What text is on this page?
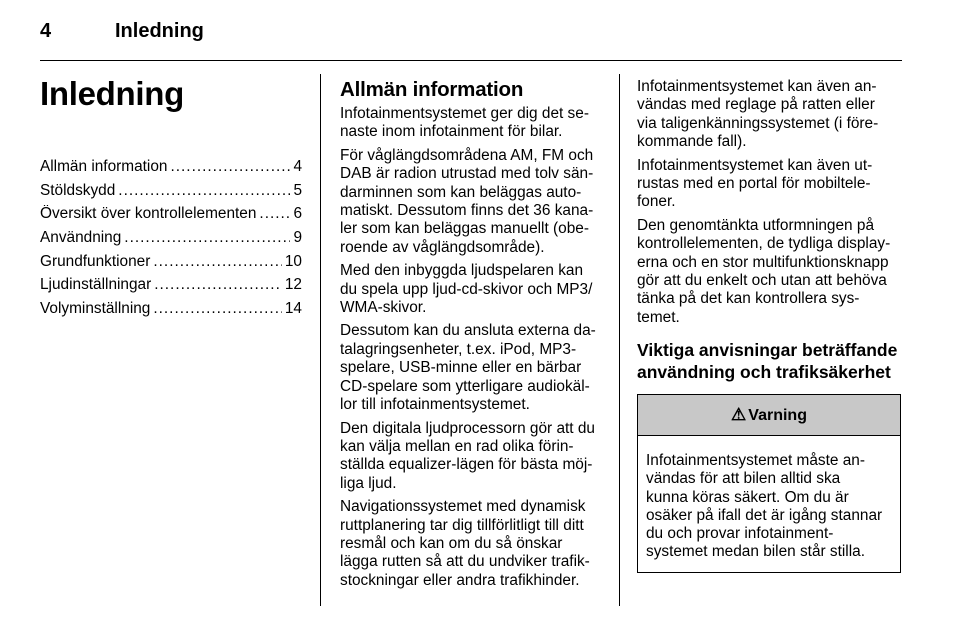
4	Inledning
Inledning
Allmän information .....	4
Stöldskydd .....	5
Översikt över kontrollelementen ..... 6
Användning .....	9
Grundfunktioner .....	10
Ljudinställningar .....	12
Volyminställning .....	14
Allmän information

Infotainmentsystemet ger dig det se-
naste inom infotainment för bilar.

För våglängdsområdena AM, FM och
DAB är radion utrustad med tolv sän-
darminnen som kan beläggas auto-
matiskt. Dessutom finns det 36 kana-
ler som kan beläggas manuellt (obe-
roende av våglängdsområde).

Med den inbyggda ljudspelaren kan
du spela upp ljud-cd-skivor och MP3/
WMA-skivor.

Dessutom kan du ansluta externa da-
talagringsenheter, t.ex. iPod, MP3-
spelare, USB-minne eller en bärbar
CD-spelare som ytterligare audiokäl-
lor till infotainmentsystemet.

Den digitala ljudprocessorn gör att du
kan välja mellan en rad olika förin-
ställda equalizer-lägen för bästa möj-
liga ljud.

Navigationssystemet med dynamisk
ruttplanering tar dig tillförlitligt till ditt
resmål och kan om du så önskar
lägga rutten så att du undviker trafik-
stockningar eller andra trafikhinder.

Infotainmentsystemet kan även an-
vändas med reglage på ratten eller
via taligenkänningssystemet (i före-
kommande fall).

Infotainmentsystemet kan även ut-
rustas med en portal för mobiltele-
foner.

Den genomtänkta utformningen på
kontrollelementen, de tydliga display-
erna och en stor multifunktionsknapp
gör att du enkelt och utan att behöva
tänka på det kan kontrollera sys-
temet.

Viktiga anvisningar beträffande
användning och trafiksäkerhet
⚠ Varning
Infotainmentsystemet måste an-
vändas för att bilen alltid ska
kunna köras säkert. Om du är
osäker på ifall det är igång stannar
du och provar infotainment-
systemet medan bilen står stilla.
